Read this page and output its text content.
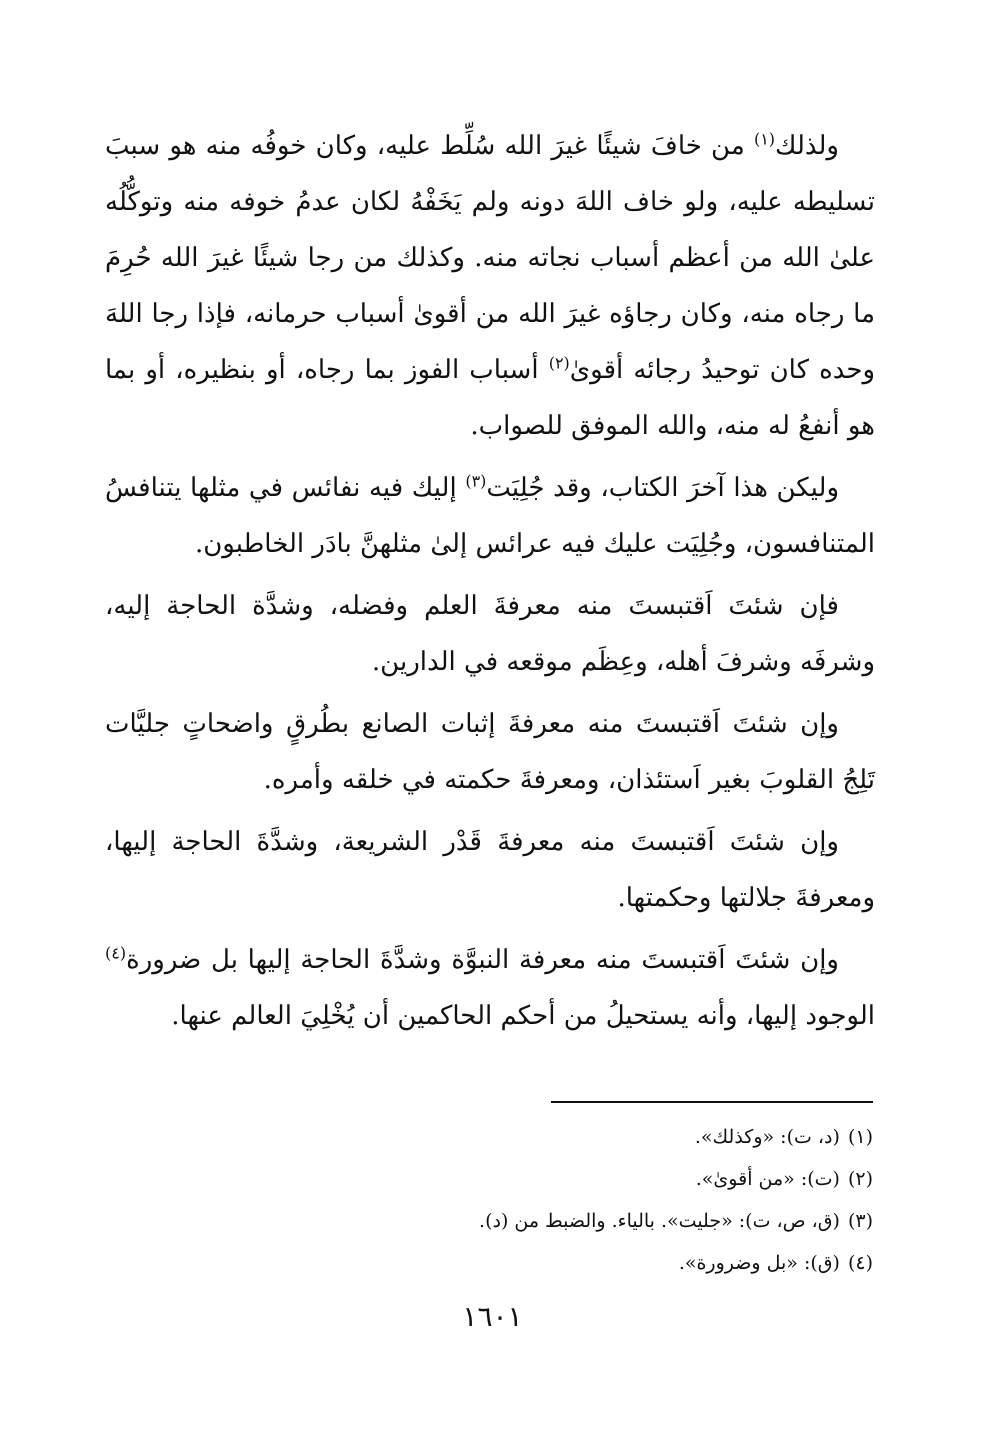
ولذلك$^{(١)}$ من خافَ شيئًا غيرَ الله سُلِّط عليه، وكان خوفُه منه هو سببَ تسليطه عليه، ولو خاف اللهَ دونه ولم يَخَفْهُ لكان عدمُ خوفه منه وتوكُّلُه علىٰ الله من أعظم أسباب نجاته منه. وكذلك من رجا شيئًا غيرَ الله حُرِمَ ما رجاه منه، وكان رجاؤه غيرَ الله من أقوىٰ أسباب حرمانه، فإذا رجا اللهَ وحده كان توحيدُ رجائه أقوىٰ$^{(٢)}$ أسباب الفوز بما رجاه، أو بنظيره، أو بما هو أنفعُ له منه، والله الموفق للصواب.

وليكن هذا آخرَ الكتاب، وقد جُلِيَت$^{(٣)}$ إليك فيه نفائس في مثلها يتنافسُ المتنافسون، وجُلِيَت عليك فيه عرائس إلىٰ مثلهنَّ بادَر الخاطبون.

فإن شئتَ اَقتبستَ منه معرفةَ العلم وفضله، وشدَّة الحاجة إليه، وشرفَه وشرفَ أهله، وعِظَم موقعه في الدارين.

وإن شئتَ اَقتبستَ منه معرفةَ إثبات الصانع بطُرقٍ واضحاتٍ جليَّات تَلِجُ القلوبَ بغير اَستئذان، ومعرفةَ حكمته في خلقه وأمره.

وإن شئتَ اَقتبستَ منه معرفةَ قَدْر الشريعة، وشدَّةَ الحاجة إليها، ومعرفةَ جلالتها وحكمتها.

وإن شئتَ اَقتبستَ منه معرفة النبوَّة وشدَّةَ الحاجة إليها بل ضرورة$^{(٤)}$ الوجود إليها، وأنه يستحيلُ من أحكم الحاكمين أن يُخْلِيَ العالم عنها.

(١)(د، ت): «وكذلك».
(٢)(ت): «من أقوىٰ».
(٣)(ق، ص، ت): «جليت». بالياء. والضبط من (د).
(٤)(ق): «بل وضرورة».
١٦٠١
